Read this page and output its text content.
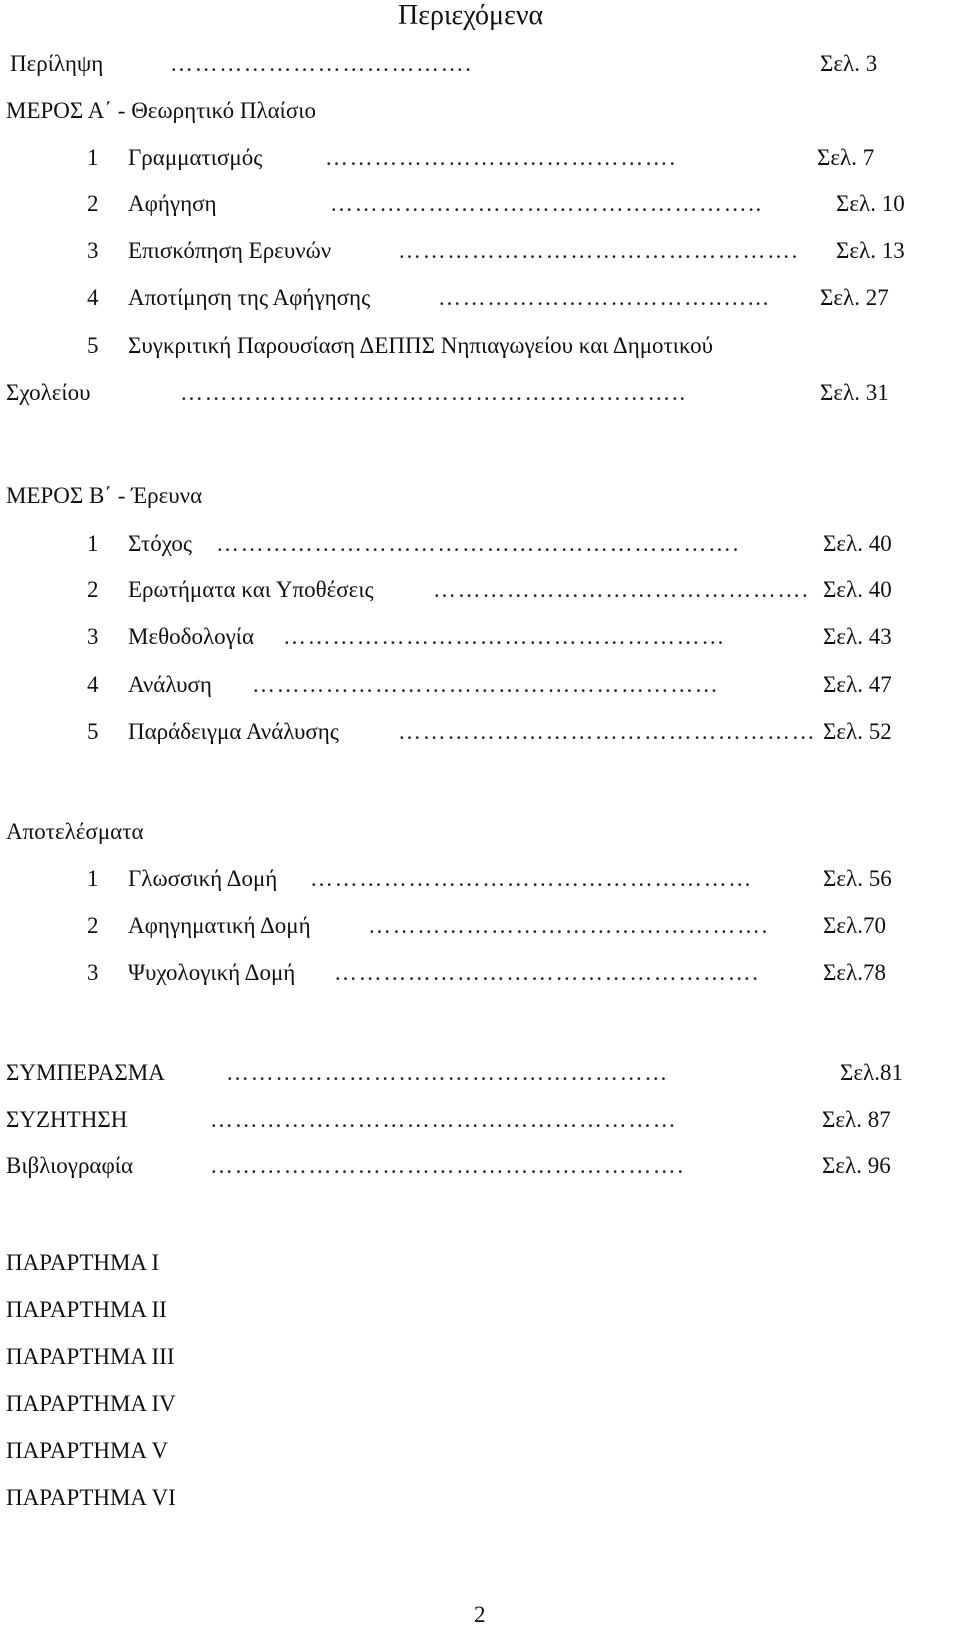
Περιεχόμενα
Περίληψη	……………………………….	Σελ. 3
ΜΕΡΟΣ Α΄ - Θεωρητικό Πλαίσιο
1 Γραμματισμός	…………………………………….	Σελ. 7
2 Αφήγηση	……………………………………………..	Σελ. 10
3 Επισκόπηση Ερευνών	………………………………………….	Σελ. 13
4 Αποτίμηση της Αφήγησης	……………………………..…...	Σελ. 27
5 Συγκριτική Παρουσίαση ΔΕΠΠΣ Νηπιαγωγείου και Δημοτικού
Σχολείου	……………………………………………………..	Σελ. 31
ΜΕΡΟΣ Β΄ - Έρευνα
1 Στόχος ……………………………………………………….	Σελ. 40
2 Ερωτήματα και Υποθέσεις	………………………………………. Σελ. 40
3 Μεθοδολογία ………………………………………………	Σελ. 43
4 Ανάλυση …………………………………………………	Σελ. 47
5 Παράδειγμα Ανάλυσης	…………………………………………… Σελ. 52
Αποτελέσματα
1 Γλωσσική Δομή ………………………………………………	Σελ. 56
2 Αφηγηματική Δομή ………………………………………….	Σελ.70
3 Ψυχολογική Δομή …………………………………………….	Σελ.78
ΣΥΜΠΕΡΑΣΜΑ	………………………………………………	Σελ.81
ΣΥΖΗΤΗΣΗ	…………………………………………………	Σελ. 87
Βιβλιογραφία	………………………………………………….	Σελ. 96
ΠΑΡΑΡΤΗΜΑ Ι
ΠΑΡΑΡΤΗΜΑ ΙΙ
ΠΑΡΑΡΤΗΜΑ ΙΙΙ
ΠΑΡΑΡΤΗΜΑ IV
ΠΑΡΑΡΤΗΜΑ V
ΠΑΡΑΡΤΗΜΑ VI
2
